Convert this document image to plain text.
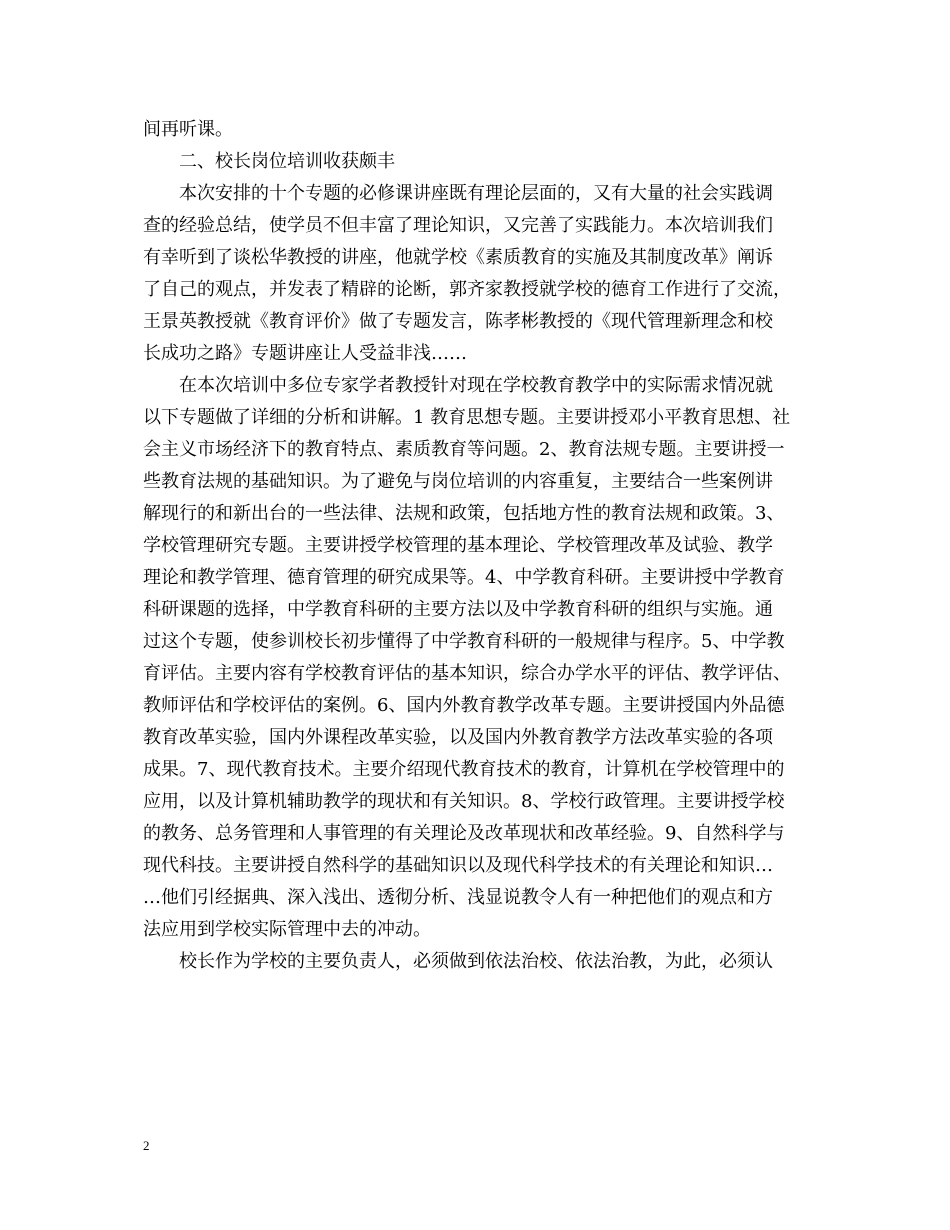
间再听课。
二、校长岗位培训收获颇丰
本次安排的十个专题的必修课讲座既有理论层面的，又有大量的社会实践调
查的经验总结，使学员不但丰富了理论知识，又完善了实践能力。本次培训我们
有幸听到了谈松华教授的讲座，他就学校《素质教育的实施及其制度改革》阐诉
了自己的观点，并发表了精辟的论断，郭齐家教授就学校的德育工作进行了交流，
王景英教授就《教育评价》做了专题发言，陈孝彬教授的《现代管理新理念和校
长成功之路》专题讲座让人受益非浅……
在本次培训中多位专家学者教授针对现在学校教育教学中的实际需求情况就
以下专题做了详细的分析和讲解。1 教育思想专题。主要讲授邓小平教育思想、社
会主义市场经济下的教育特点、素质教育等问题。2、教育法规专题。主要讲授一
些教育法规的基础知识。为了避免与岗位培训的内容重复，主要结合一些案例讲
解现行的和新出台的一些法律、法规和政策，包括地方性的教育法规和政策。3、
学校管理研究专题。主要讲授学校管理的基本理论、学校管理改革及试验、教学
理论和教学管理、德育管理的研究成果等。4、中学教育科研。主要讲授中学教育
科研课题的选择，中学教育科研的主要方法以及中学教育科研的组织与实施。通
过这个专题，使参训校长初步懂得了中学教育科研的一般规律与程序。5、中学教
育评估。主要内容有学校教育评估的基本知识，综合办学水平的评估、教学评估、
教师评估和学校评估的案例。6、国内外教育教学改革专题。主要讲授国内外品德
教育改革实验，国内外课程改革实验，以及国内外教育教学方法改革实验的各项
成果。7、现代教育技术。主要介绍现代教育技术的教育，计算机在学校管理中的
应用，以及计算机辅助教学的现状和有关知识。8、学校行政管理。主要讲授学校
的教务、总务管理和人事管理的有关理论及改革现状和改革经验。9、自然科学与
现代科技。主要讲授自然科学的基础知识以及现代科学技术的有关理论和知识…
…他们引经据典、深入浅出、透彻分析、浅显说教令人有一种把他们的观点和方
法应用到学校实际管理中去的冲动。
校长作为学校的主要负责人，必须做到依法治校、依法治教，为此，必须认
2
